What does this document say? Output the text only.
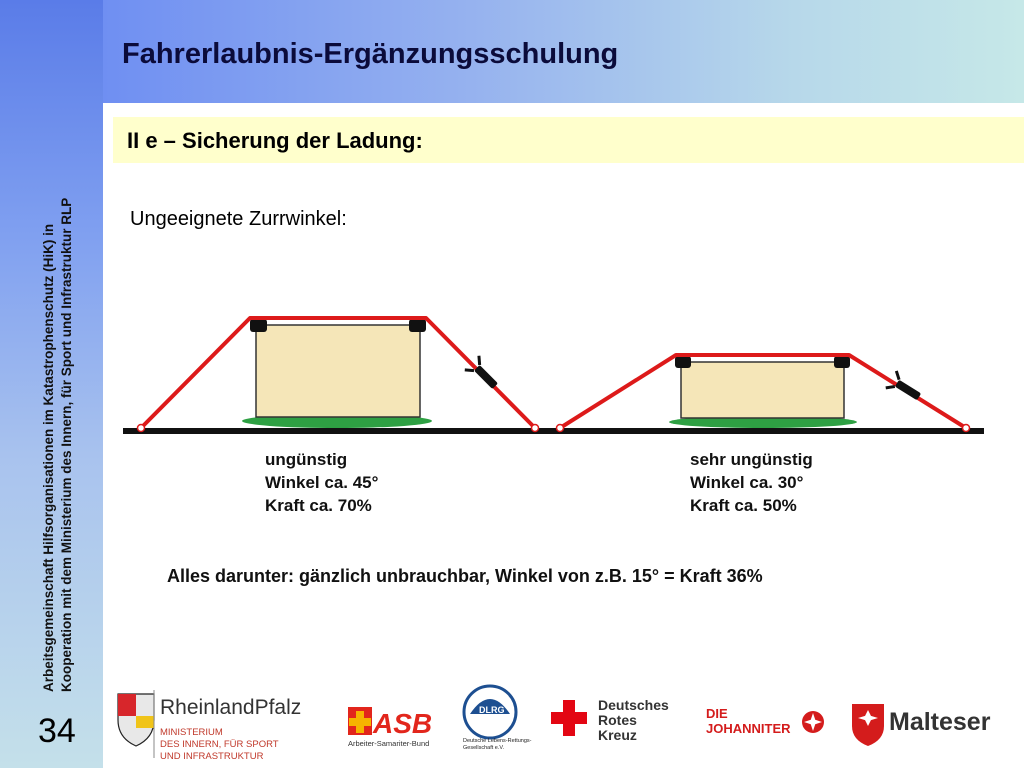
Fahrerlaubnis-Ergänzungsschulung
Arbeitsgemeinschaft Hilfsorganisationen im Katastrophenschutz (HiK) in Kooperation mit dem Ministerium des Innern, für Sport und Infrastruktur RLP
34
II e – Sicherung der Ladung:
Ungeeignete Zurrwinkel:
RheinlandPfalz
MINISTERIUM
DES INNERN, FÜR SPORT
UND INFRASTRUKTUR
ASB
Arbeiter-Samariter-Bund
DLRG
Deutsche Lebens-Rettungs-
Gesellschaft e.V.
Deutsches
Rotes
Kreuz
DIE
JOHANNITER	Malteser
ungünstig
Winkel ca. 45°
Kraft ca. 70%
sehr ungünstig
Winkel ca. 30°
Kraft ca. 50%
Alles darunter: gänzlich unbrauchbar, Winkel von z.B. 15° = Kraft 36%
